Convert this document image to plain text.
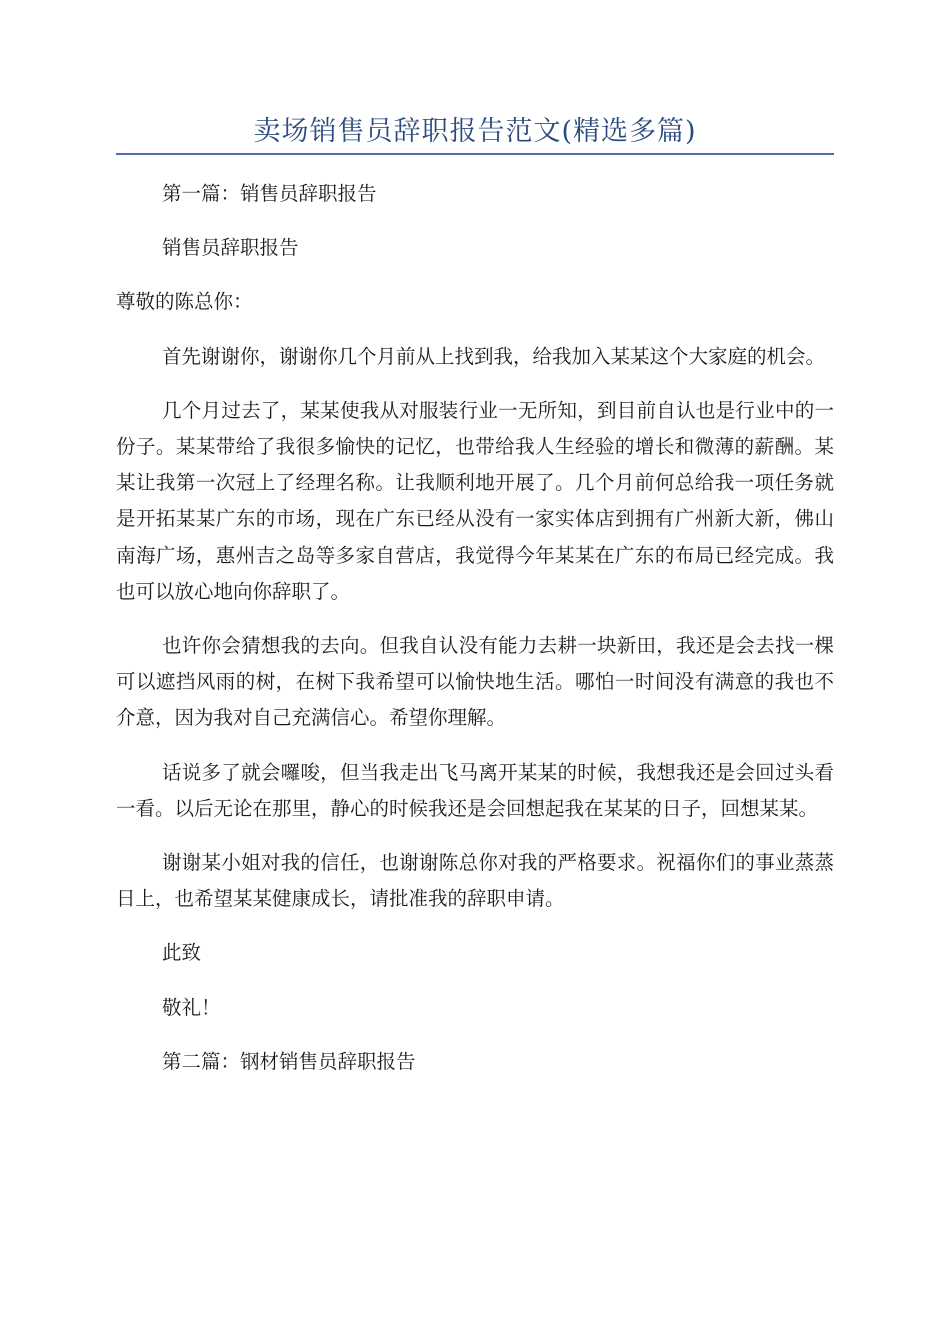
卖场销售员辞职报告范文(精选多篇)

第一篇：销售员辞职报告

销售员辞职报告

尊敬的陈总你：

首先谢谢你，谢谢你几个月前从上找到我，给我加入某某这个大家庭的机会。

几个月过去了，某某使我从对服装行业一无所知，到目前自认也是行业中的一份子。某某带给了我很多愉快的记忆，也带给我人生经验的增长和微薄的薪酬。某某让我第一次冠上了经理名称。让我顺利地开展了。几个月前何总给我一项任务就是开拓某某广东的市场，现在广东已经从没有一家实体店到拥有广州新大新，佛山南海广场，惠州吉之岛等多家自营店，我觉得今年某某在广东的布局已经完成。我也可以放心地向你辞职了。

也许你会猜想我的去向。但我自认没有能力去耕一块新田，我还是会去找一棵可以遮挡风雨的树，在树下我希望可以愉快地生活。哪怕一时间没有满意的我也不介意，因为我对自己充满信心。希望你理解。

话说多了就会囉唆，但当我走出飞马离开某某的时候，我想我还是会回过头看一看。以后无论在那里，静心的时候我还是会回想起我在某某的日子，回想某某。

谢谢某小姐对我的信任，也谢谢陈总你对我的严格要求。祝福你们的事业蒸蒸日上，也希望某某健康成长，请批准我的辞职申请。

此致

敬礼！

第二篇：钢材销售员辞职报告
